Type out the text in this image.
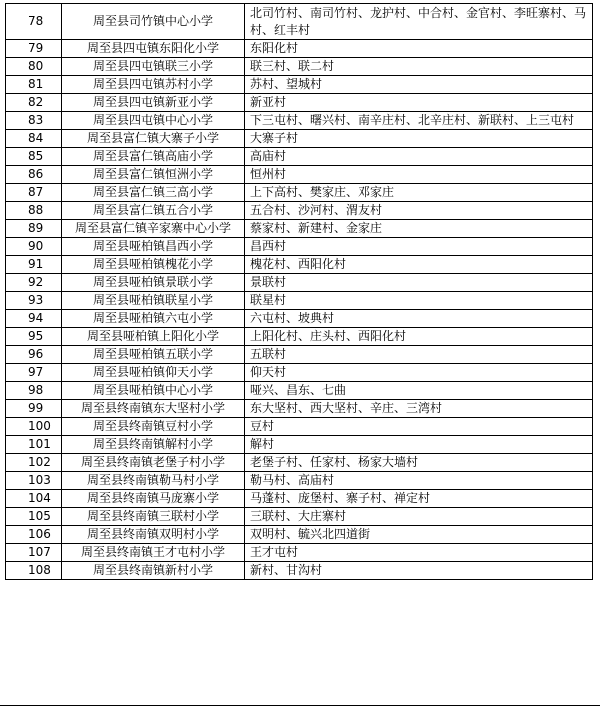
78	周至县司竹镇中心小学	北司竹村、南司竹村、龙护村、中合村、金官村、李旺寨村、马村、红丰村
79	周至县四屯镇东阳化小学	东阳化村
80	周至县四屯镇联三小学	联三村、联二村
81	周至县四屯镇苏村小学	苏村、望城村
82	周至县四屯镇新亚小学	新亚村
83	周至县四屯镇中心小学	下三屯村、曙兴村、南辛庄村、北辛庄村、新联村、上三屯村
84	周至县富仁镇大寨子小学	大寨子村
85	周至县富仁镇高庙小学	高庙村
86	周至县富仁镇恒洲小学	恒州村
87	周至县富仁镇三高小学	上下高村、樊家庄、邓家庄
88	周至县富仁镇五合小学	五合村、沙河村、渭友村
89	周至县富仁镇辛家寨中心小学	蔡家村、新建村、金家庄
90	周至县哑柏镇昌西小学	昌西村
91	周至县哑柏镇槐花小学	槐花村、西阳化村
92	周至县哑柏镇景联小学	景联村
93	周至县哑柏镇联星小学	联星村
94	周至县哑柏镇六屯小学	六屯村、坡典村
95	周至县哑柏镇上阳化小学	上阳化村、庄头村、西阳化村
96	周至县哑柏镇五联小学	五联村
97	周至县哑柏镇仰天小学	仰天村
98	周至县哑柏镇中心小学	哑兴、昌东、七曲
99	周至县终南镇东大坚村小学	东大坚村、西大坚村、辛庄、三湾村
100	周至县终南镇豆村小学	豆村
101	周至县终南镇解村小学	解村
102	周至县终南镇老堡子村小学	老堡子村、任家村、杨家大墙村
103	周至县终南镇勒马村小学	勒马村、高庙村
104	周至县终南镇马庞寨小学	马蓬村、庞堡村、寨子村、禅定村
105	周至县终南镇三联村小学	三联村、大庄寨村
106	周至县终南镇双明村小学	双明村、毓兴北四道街
107	周至县终南镇王才屯村小学	王才屯村
108	周至县终南镇新村小学	新村、甘沟村
